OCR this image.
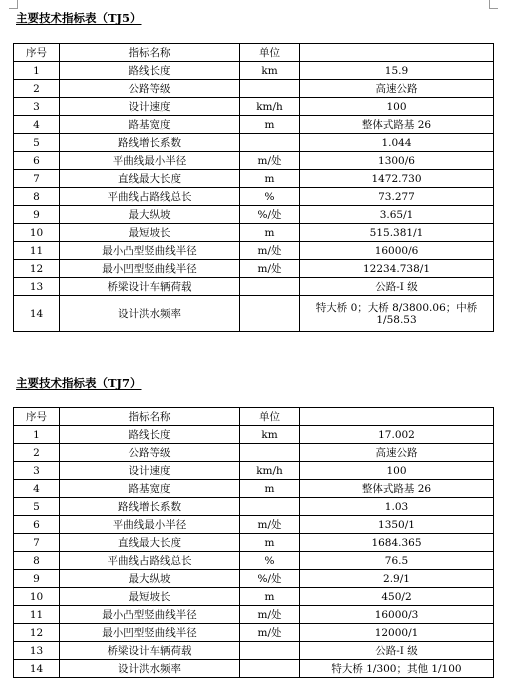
主要技术指标表（TJ5）
序号	指标名称	单位	
1	路线长度	km	15.9
2	公路等级		高速公路
3	设计速度	km/h	100
4	路基宽度	m	整体式路基 26
5	路线增长系数		1.044
6	平曲线最小半径	m/处	1300/6
7	直线最大长度	m	1472.730
8	平曲线占路线总长	%	73.277
9	最大纵坡	%/处	3.65/1
10	最短坡长	m	515.381/1
11	最小凸型竖曲线半径	m/处	16000/6
12	最小凹型竖曲线半径	m/处	12234.738/1
13	桥梁设计车辆荷载		公路-I 级
14	设计洪水频率		特大桥 0；大桥 8/3800.06；中桥 1/58.53
主要技术指标表（TJ7）
序号	指标名称	单位	
1	路线长度	km	17.002
2	公路等级		高速公路
3	设计速度	km/h	100
4	路基宽度	m	整体式路基 26
5	路线增长系数		1.03
6	平曲线最小半径	m/处	1350/1
7	直线最大长度	m	1684.365
8	平曲线占路线总长	%	76.5
9	最大纵坡	%/处	2.9/1
10	最短坡长	m	450/2
11	最小凸型竖曲线半径	m/处	16000/3
12	最小凹型竖曲线半径	m/处	12000/1
13	桥梁设计车辆荷载		公路-I 级
14	设计洪水频率		特大桥 1/300；其他 1/100
